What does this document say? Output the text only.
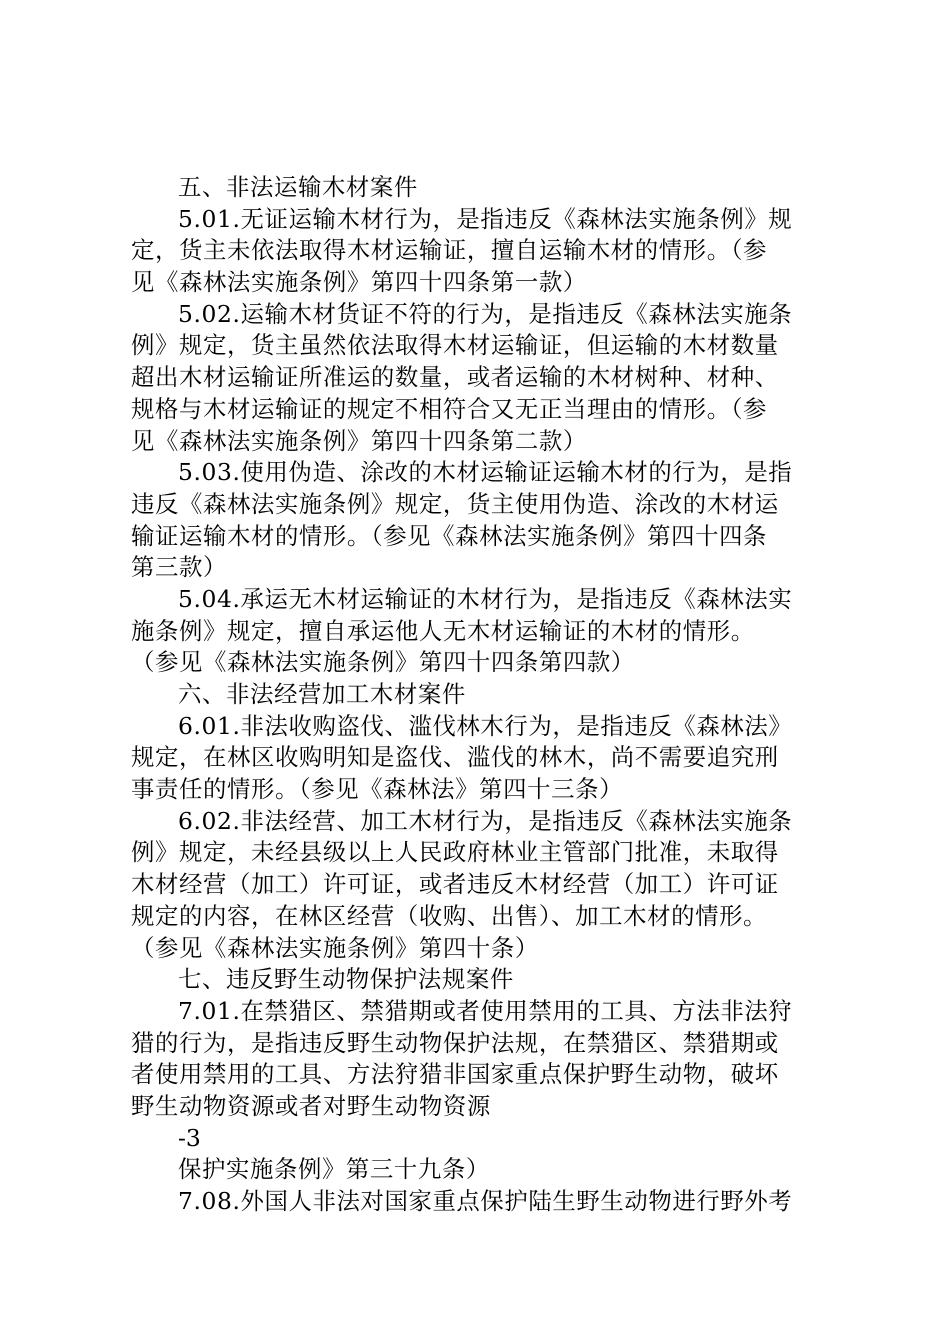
五、非法运输木材案件
5.01.无证运输木材行为，是指违反《森林法实施条例》规
定，货主未依法取得木材运输证，擅自运输木材的情形。（参
见《森林法实施条例》第四十四条第一款）
5.02.运输木材货证不符的行为，是指违反《森林法实施条
例》规定，货主虽然依法取得木材运输证，但运输的木材数量
超出木材运输证所准运的数量，或者运输的木材树种、材种、
规格与木材运输证的规定不相符合又无正当理由的情形。（参
见《森林法实施条例》第四十四条第二款）
5.03.使用伪造、涂改的木材运输证运输木材的行为，是指
违反《森林法实施条例》规定，货主使用伪造、涂改的木材运
输证运输木材的情形。（参见《森林法实施条例》第四十四条
第三款）
5.04.承运无木材运输证的木材行为，是指违反《森林法实
施条例》规定，擅自承运他人无木材运输证的木材的情形。
（参见《森林法实施条例》第四十四条第四款）
六、非法经营加工木材案件
6.01.非法收购盗伐、滥伐林木行为，是指违反《森林法》
规定，在林区收购明知是盗伐、滥伐的林木，尚不需要追究刑
事责任的情形。（参见《森林法》第四十三条）
6.02.非法经营、加工木材行为，是指违反《森林法实施条
例》规定，未经县级以上人民政府林业主管部门批准，未取得
木材经营（加工）许可证，或者违反木材经营（加工）许可证
规定的内容，在林区经营（收购、出售）、加工木材的情形。
（参见《森林法实施条例》第四十条）
七、违反野生动物保护法规案件
7.01.在禁猎区、禁猎期或者使用禁用的工具、方法非法狩
猎的行为，是指违反野生动物保护法规，在禁猎区、禁猎期或
者使用禁用的工具、方法狩猎非国家重点保护野生动物，破坏
野生动物资源或者对野生动物资源
-3
保护实施条例》第三十九条）
7.08.外国人非法对国家重点保护陆生野生动物进行野外考
